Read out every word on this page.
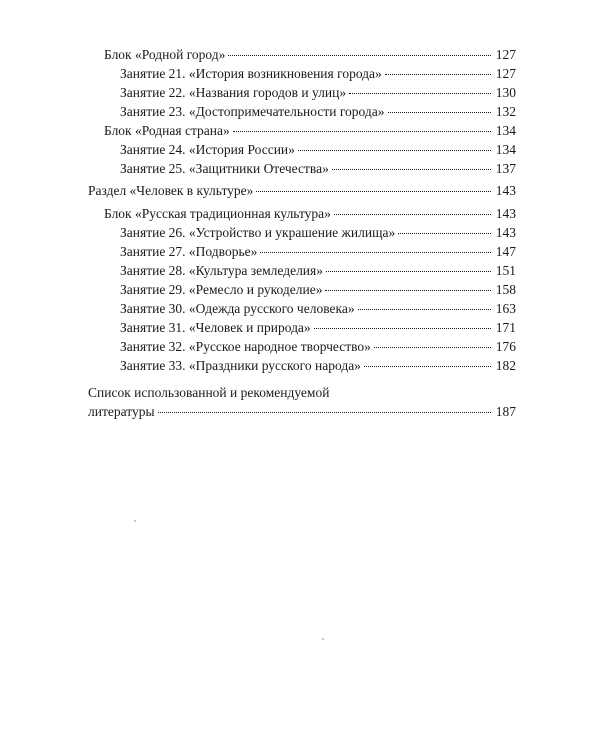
Блок «Родной город»	127
Занятие 21. «История возникновения города»	127
Занятие 22. «Названия городов и улиц»	130
Занятие 23. «Достопримечательности города»	132
Блок «Родная страна»	134
Занятие 24. «История России»	134
Занятие 25. «Защитники Отечества»	137
Раздел «Человек в культуре»	143
Блок «Русская традиционная культура»	143
Занятие 26. «Устройство и украшение жилища»	143
Занятие 27. «Подворье»	147
Занятие 28. «Культура земледелия»	151
Занятие 29. «Ремесло и рукоделие»	158
Занятие 30. «Одежда русского человека»	163
Занятие 31. «Человек и природа»	171
Занятие 32. «Русское народное творчество»	176
Занятие 33. «Праздники русского народа»	182
Список использованной и рекомендуемой
литературы	187
